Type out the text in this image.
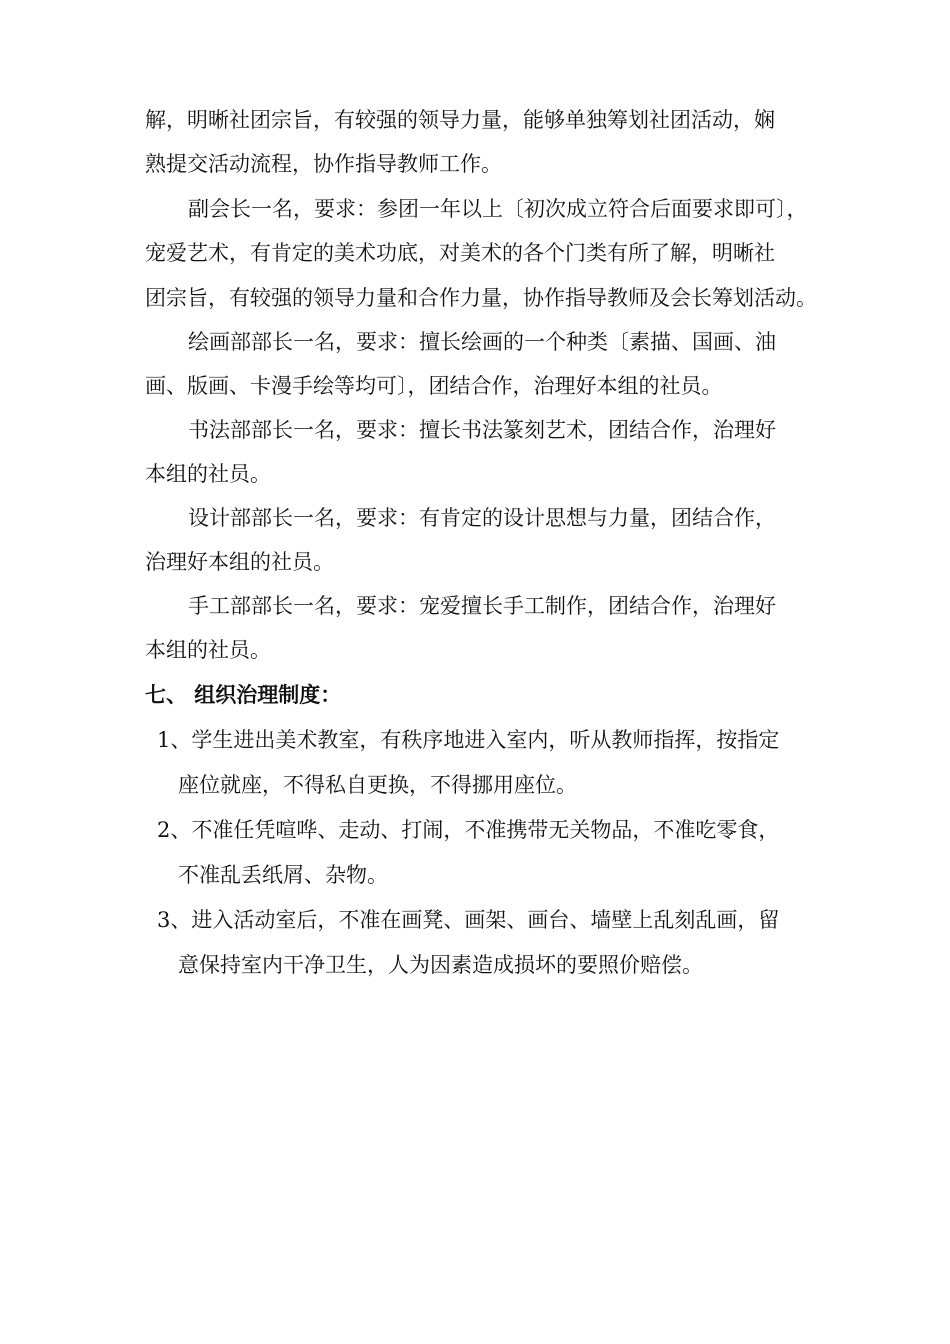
解，明晰社团宗旨，有较强的领导力量，能够单独筹划社团活动，娴
熟提交活动流程，协作指导教师工作。
副会长一名，要求：参团一年以上〔初次成立符合后面要求即可〕，
宠爱艺术，有肯定的美术功底，对美术的各个门类有所了解，明晰社
团宗旨，有较强的领导力量和合作力量，协作指导教师及会长筹划活动。
绘画部部长一名，要求：擅长绘画的一个种类〔素描、国画、油
画、版画、卡漫手绘等均可〕，团结合作，治理好本组的社员。
书法部部长一名，要求：擅长书法篆刻艺术，团结合作，治理好
本组的社员。
设计部部长一名，要求：有肯定的设计思想与力量，团结合作，
治理好本组的社员。
手工部部长一名，要求：宠爱擅长手工制作，团结合作，治理好
本组的社员。
七、 组织治理制度：
1、学生进出美术教室，有秩序地进入室内，听从教师指挥，按指定
座位就座，不得私自更换，不得挪用座位。
2、不准任凭喧哗、走动、打闹，不准携带无关物品，不准吃零食，
不准乱丢纸屑、杂物。
3、进入活动室后，不准在画凳、画架、画台、墙壁上乱刻乱画，留
意保持室内干净卫生，人为因素造成损坏的要照价赔偿。
